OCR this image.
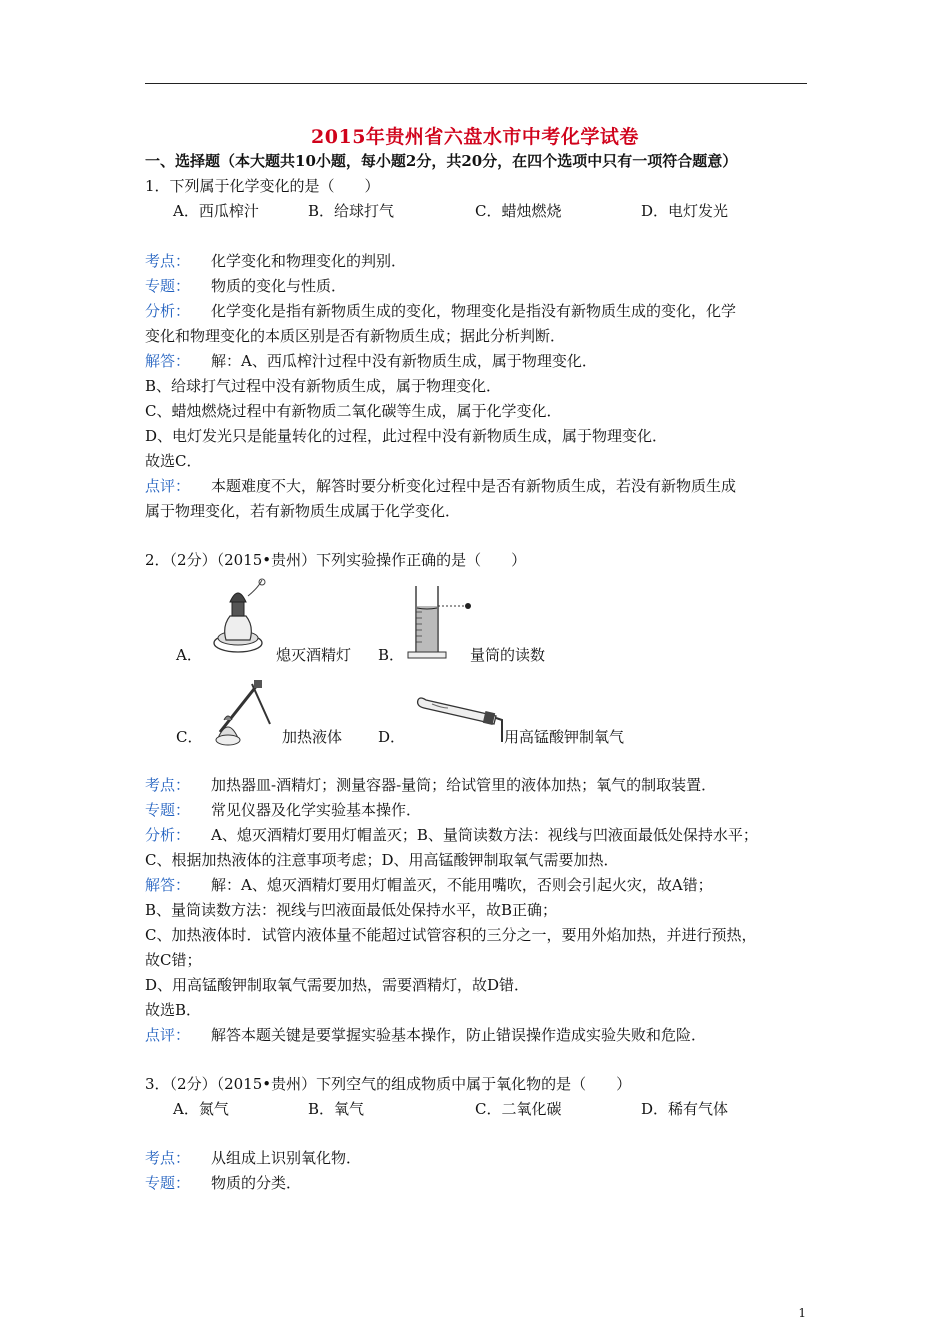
2015年贵州省六盘水市中考化学试卷
一、选择题（本大题共10小题，每小题2分，共20分，在四个选项中只有一项符合题意）
1．下列属于化学变化的是（　　）
A．西瓜榨汁	B．给球打气	C．蜡烛燃烧	D．电灯发光
考点： 化学变化和物理变化的判别．
专题： 物质的变化与性质．
分析： 化学变化是指有新物质生成的变化，物理变化是指没有新物质生成的变化，化学
变化和物理变化的本质区别是否有新物质生成；据此分析判断．
解答： 解：A、西瓜榨汁过程中没有新物质生成，属于物理变化．
B、给球打气过程中没有新物质生成，属于物理变化．
C、蜡烛燃烧过程中有新物质二氧化碳等生成，属于化学变化．
D、电灯发光只是能量转化的过程，此过程中没有新物质生成，属于物理变化．
故选C．
点评： 本题难度不大，解答时要分析变化过程中是否有新物质生成，若没有新物质生成
属于物理变化，若有新物质生成属于化学变化．
2．（2分）（2015•贵州）下列实验操作正确的是（　　）
A．	熄灭酒精灯 B．	量筒的读数
C．	加热液体 D．	用高锰酸钾制氧气
考点： 加热器皿-酒精灯；测量容器-量筒；给试管里的液体加热；氧气的制取装置．
专题： 常见仪器及化学实验基本操作．
分析： A、熄灭酒精灯要用灯帽盖灭；B、量筒读数方法：视线与凹液面最低处保持水平；
C、根据加热液体的注意事项考虑；D、用高锰酸钾制取氧气需要加热．
解答： 解：A、熄灭酒精灯要用灯帽盖灭，不能用嘴吹，否则会引起火灾，故A错；
B、量筒读数方法：视线与凹液面最低处保持水平，故B正确；
C、加热液体时．试管内液体量不能超过试管容积的三分之一，要用外焰加热，并进行预热，
故C错；
D、用高锰酸钾制取氧气需要加热，需要酒精灯，故D错．
故选B．
点评： 解答本题关键是要掌握实验基本操作，防止错误操作造成实验失败和危险．
3．（2分）（2015•贵州）下列空气的组成物质中属于氧化物的是（　　）
A．氮气	B．氧气	C．二氧化碳	D．稀有气体
考点： 从组成上识别氧化物．
专题： 物质的分类．
1
